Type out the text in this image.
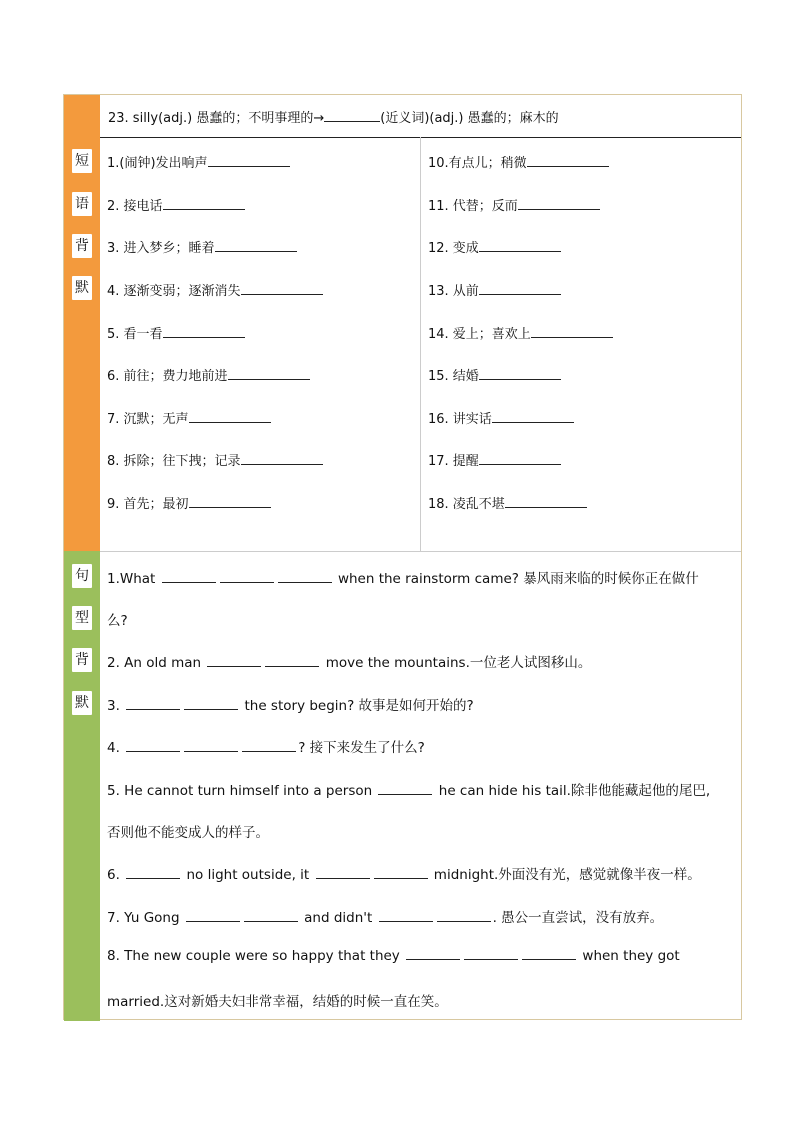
23. silly(adj.) 愚蠢的；不明事理的→	(近义词)(adj.) 愚蠢的；麻木的
短
语
背
默
1.(闹钟)发出响声
2. 接电话
3. 进入梦乡；睡着
4. 逐渐变弱；逐渐消失
5. 看一看
6. 前往；费力地前进
7. 沉默；无声
8. 拆除；往下拽；记录
9. 首先；最初
10.有点儿；稍微
11. 代替；反而
12. 变成
13. 从前
14. 爱上；喜欢上
15. 结婚
16. 讲实话
17. 提醒
18. 凌乱不堪
句
型
背
默
1.What	when the rainstorm came? 暴风雨来临的时候你正在做什
么?
2. An old man	move the mountains.一位老人试图移山。
3.	the story begin? 故事是如何开始的?
4.	? 接下来发生了什么?
5. He cannot turn himself into a person	he can hide his tail.除非他能藏起他的尾巴,
否则他不能变成人的样子。
6.	no light outside, it	midnight.外面没有光，感觉就像半夜一样。
7. Yu Gong	and didn't	. 愚公一直尝试，没有放弃。
8. The new couple were so happy that they	when they got
married.这对新婚夫妇非常幸福，结婚的时候一直在笑。
